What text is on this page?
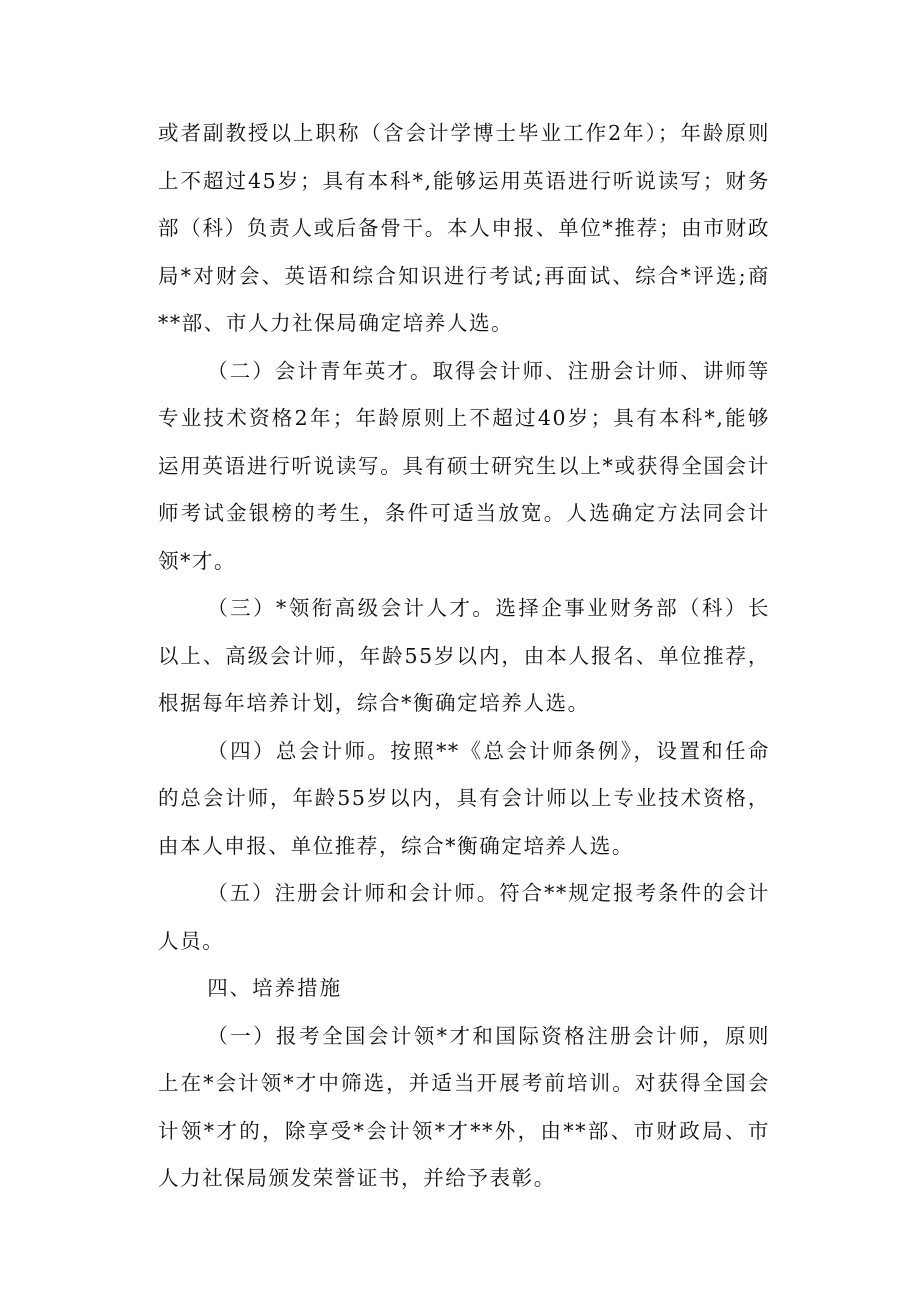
或者副教授以上职称（含会计学博士毕业工作2年）；年龄原则上不超过45岁；具有本科*,能够运用英语进行听说读写；财务部（科）负责人或后备骨干。本人申报、单位*推荐；由市财政局*对财会、英语和综合知识进行考试;再面试、综合*评选;商**部、市人力社保局确定培养人选。

（二）会计青年英才。取得会计师、注册会计师、讲师等专业技术资格2年；年龄原则上不超过40岁；具有本科*,能够运用英语进行听说读写。具有硕士研究生以上*或获得全国会计师考试金银榜的考生，条件可适当放宽。人选确定方法同会计领*才。

（三）*领衔高级会计人才。选择企事业财务部（科）长以上、高级会计师，年龄55岁以内，由本人报名、单位推荐，根据每年培养计划，综合*衡确定培养人选。

（四）总会计师。按照**《总会计师条例》，设置和任命的总会计师，年龄55岁以内，具有会计师以上专业技术资格，由本人申报、单位推荐，综合*衡确定培养人选。

（五）注册会计师和会计师。符合**规定报考条件的会计人员。

四、培养措施

（一）报考全国会计领*才和国际资格注册会计师，原则上在*会计领*才中筛选，并适当开展考前培训。对获得全国会计领*才的，除享受*会计领*才**外，由**部、市财政局、市人力社保局颁发荣誉证书，并给予表彰。
